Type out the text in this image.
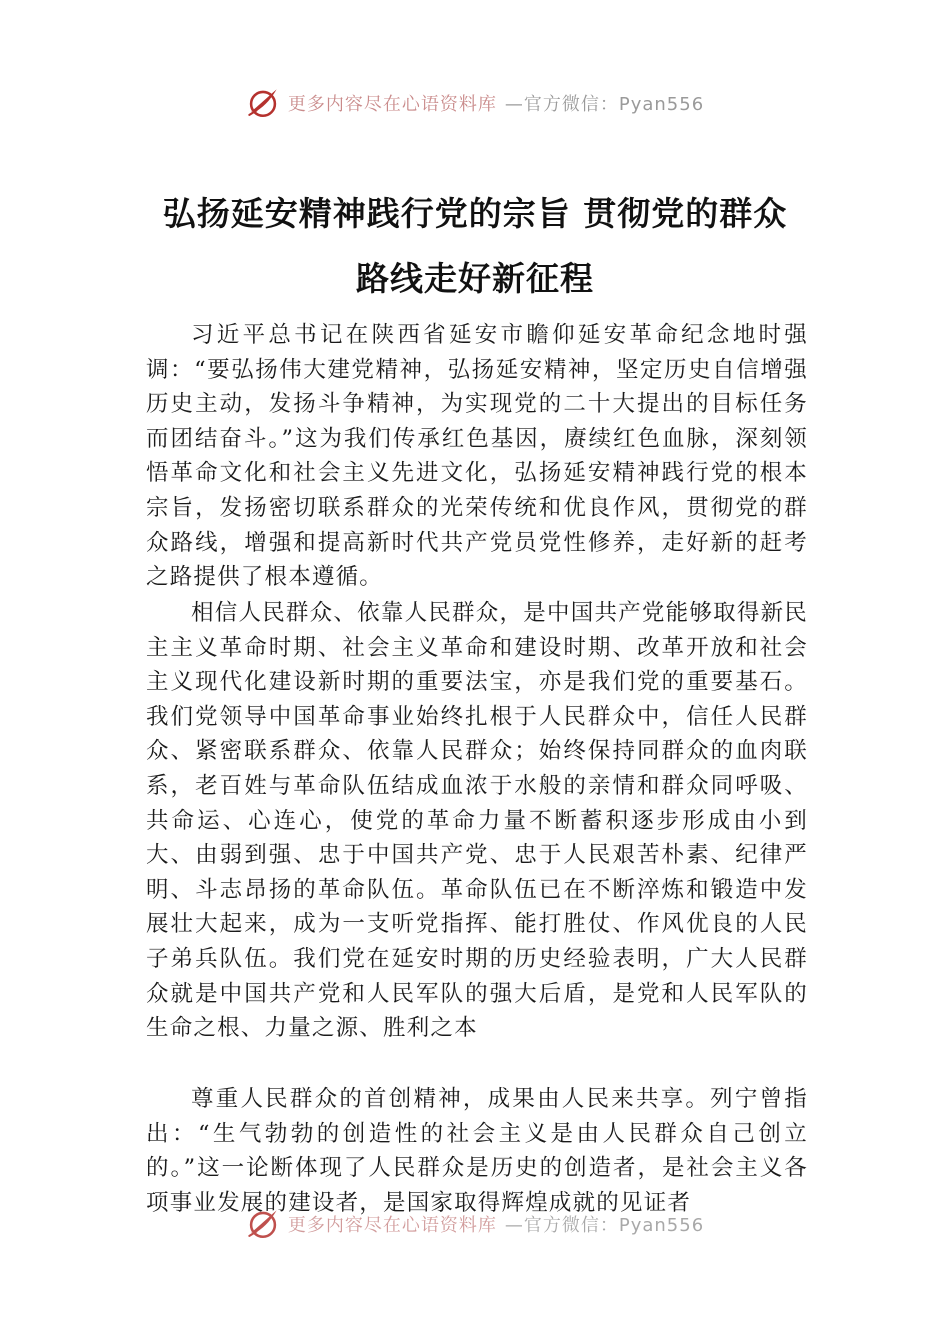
更多内容尽在心语资料库 —官方微信：Pyan556
弘扬延安精神践行党的宗旨 贯彻党的群众
路线走好新征程

习近平总书记在陕西省延安市瞻仰延安革命纪念地时强调：“要弘扬伟大建党精神，弘扬延安精神，坚定历史自信增强历史主动，发扬斗争精神，为实现党的二十大提出的目标任务而团结奋斗。”这为我们传承红色基因，赓续红色血脉，深刻领悟革命文化和社会主义先进文化，弘扬延安精神践行党的根本宗旨，发扬密切联系群众的光荣传统和优良作风，贯彻党的群众路线，增强和提高新时代共产党员党性修养，走好新的赶考之路提供了根本遵循。

相信人民群众、依靠人民群众，是中国共产党能够取得新民主主义革命时期、社会主义革命和建设时期、改革开放和社会主义现代化建设新时期的重要法宝，亦是我们党的重要基石。我们党领导中国革命事业始终扎根于人民群众中，信任人民群众、紧密联系群众、依靠人民群众；始终保持同群众的血肉联系，老百姓与革命队伍结成血浓于水般的亲情和群众同呼吸、共命运、心连心，使党的革命力量不断蓄积逐步形成由小到大、由弱到强、忠于中国共产党、忠于人民艰苦朴素、纪律严明、斗志昂扬的革命队伍。革命队伍已在不断淬炼和锻造中发展壮大起来，成为一支听党指挥、能打胜仗、作风优良的人民子弟兵队伍。我们党在延安时期的历史经验表明，广大人民群众就是中国共产党和人民军队的强大后盾，是党和人民军队的生命之根、力量之源、胜利之本

尊重人民群众的首创精神，成果由人民来共享。列宁曾指出：“生气勃勃的创造性的社会主义是由人民群众自己创立的。”这一论断体现了人民群众是历史的创造者，是社会主义各项事业发展的建设者，是国家取得辉煌成就的见证者

更多内容尽在心语资料库 —官方微信：Pyan556
